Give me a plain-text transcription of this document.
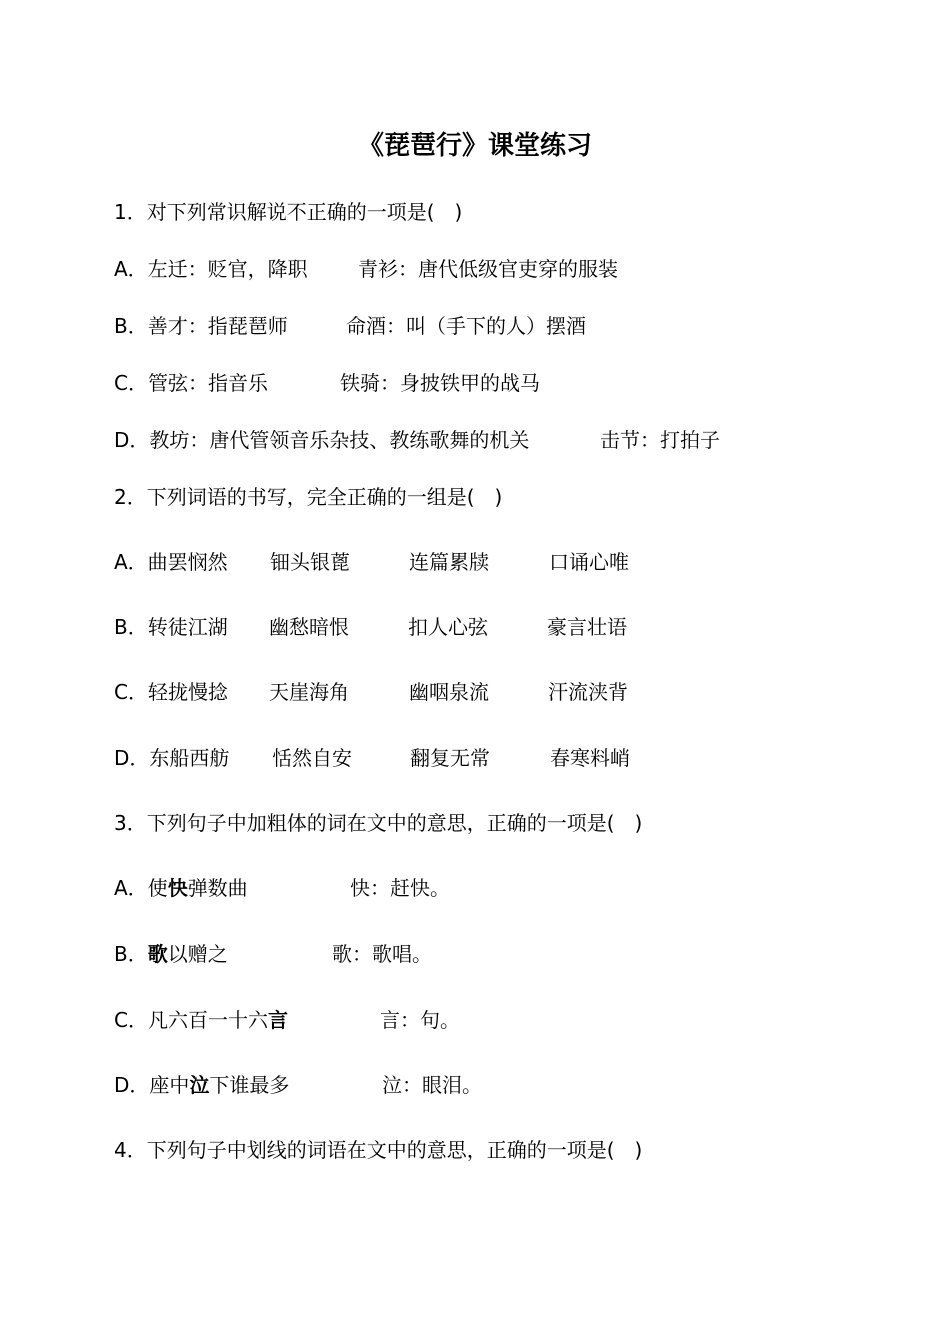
《琵琶行》课堂练习
1．对下列常识解说不正确的一项是(　)
A．左迁：贬官，降职	青衫：唐代低级官吏穿的服装
B．善才：指琵琶师	命酒：叫（手下的人）摆酒
C．管弦：指音乐	铁骑：身披铁甲的战马
D．教坊：唐代管领音乐杂技、教练歌舞的机关	击节：打拍子
2．下列词语的书写，完全正确的一组是(　)
A．曲罢悯然 钿头银蓖	连篇累牍	口诵心唯
B．转徒江湖 幽愁暗恨	扣人心弦	豪言壮语
C．轻拢慢捻 天崖海角	幽咽泉流	汗流浃背
D．东船西舫 恬然自安	翻复无常	春寒料峭
3．下列句子中加粗体的词在文中的意思，正确的一项是(　)
A．使快弹数曲	快：赶快。
B．歌以赠之	歌：歌唱。
C．凡六百一十六言	言：句。
D．座中泣下谁最多	泣：眼泪。
4．下列句子中划线的词语在文中的意思，正确的一项是(　)
